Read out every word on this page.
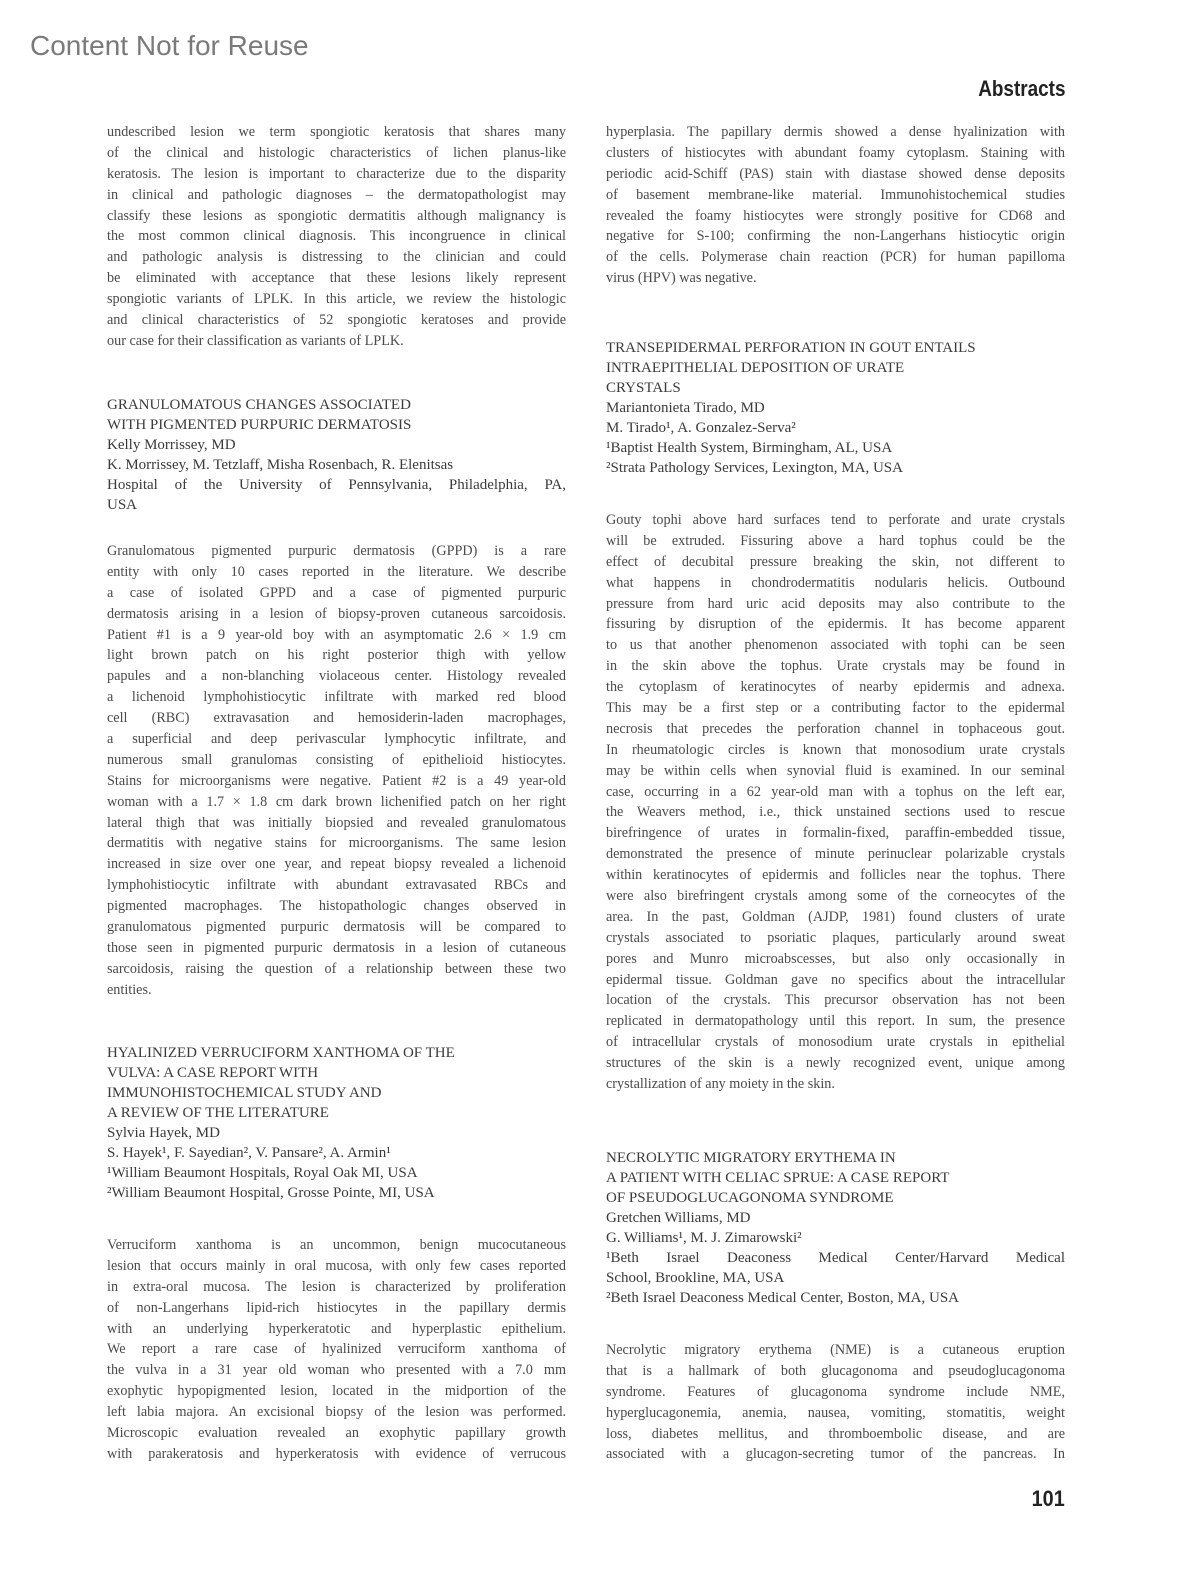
Content Not for Reuse
Abstracts
undescribed lesion we term spongiotic keratosis that shares many
of the clinical and histologic characteristics of lichen planus-like
keratosis. The lesion is important to characterize due to the disparity
in clinical and pathologic diagnoses – the dermatopathologist may
classify these lesions as spongiotic dermatitis although malignancy is
the most common clinical diagnosis. This incongruence in clinical
and pathologic analysis is distressing to the clinician and could
be eliminated with acceptance that these lesions likely represent
spongiotic variants of LPLK. In this article, we review the histologic
and clinical characteristics of 52 spongiotic keratoses and provide
our case for their classification as variants of LPLK.
GRANULOMATOUS CHANGES ASSOCIATED
WITH PIGMENTED PURPURIC DERMATOSIS
Kelly Morrissey, MD
K. Morrissey, M. Tetzlaff, Misha Rosenbach, R. Elenitsas
Hospital of the University of Pennsylvania, Philadelphia, PA,
USA
Granulomatous pigmented purpuric dermatosis (GPPD) is a rare
entity with only 10 cases reported in the literature. We describe
a case of isolated GPPD and a case of pigmented purpuric
dermatosis arising in a lesion of biopsy-proven cutaneous sarcoidosis.
Patient #1 is a 9 year-old boy with an asymptomatic 2.6 × 1.9 cm
light brown patch on his right posterior thigh with yellow
papules and a non-blanching violaceous center. Histology revealed
a lichenoid lymphohistiocytic infiltrate with marked red blood
cell (RBC) extravasation and hemosiderin-laden macrophages,
a superficial and deep perivascular lymphocytic infiltrate, and
numerous small granulomas consisting of epithelioid histiocytes.
Stains for microorganisms were negative. Patient #2 is a 49 year-old
woman with a 1.7 × 1.8 cm dark brown lichenified patch on her right
lateral thigh that was initially biopsied and revealed granulomatous
dermatitis with negative stains for microorganisms. The same lesion
increased in size over one year, and repeat biopsy revealed a lichenoid
lymphohistiocytic infiltrate with abundant extravasated RBCs and
pigmented macrophages. The histopathologic changes observed in
granulomatous pigmented purpuric dermatosis will be compared to
those seen in pigmented purpuric dermatosis in a lesion of cutaneous
sarcoidosis, raising the question of a relationship between these two
entities.
HYALINIZED VERRUCIFORM XANTHOMA OF THE
VULVA: A CASE REPORT WITH
IMMUNOHISTOCHEMICAL STUDY AND
A REVIEW OF THE LITERATURE
Sylvia Hayek, MD
S. Hayek¹, F. Sayedian², V. Pansare², A. Armin¹
¹William Beaumont Hospitals, Royal Oak MI, USA
²William Beaumont Hospital, Grosse Pointe, MI, USA
Verruciform xanthoma is an uncommon, benign mucocutaneous
lesion that occurs mainly in oral mucosa, with only few cases reported
in extra-oral mucosa. The lesion is characterized by proliferation
of non-Langerhans lipid-rich histiocytes in the papillary dermis
with an underlying hyperkeratotic and hyperplastic epithelium.
We report a rare case of hyalinized verruciform xanthoma of
the vulva in a 31 year old woman who presented with a 7.0 mm
exophytic hypopigmented lesion, located in the midportion of the
left labia majora. An excisional biopsy of the lesion was performed.
Microscopic evaluation revealed an exophytic papillary growth
with parakeratosis and hyperkeratosis with evidence of verrucous
hyperplasia. The papillary dermis showed a dense hyalinization with
clusters of histiocytes with abundant foamy cytoplasm. Staining with
periodic acid-Schiff (PAS) stain with diastase showed dense deposits
of basement membrane-like material. Immunohistochemical studies
revealed the foamy histiocytes were strongly positive for CD68 and
negative for S-100; confirming the non-Langerhans histiocytic origin
of the cells. Polymerase chain reaction (PCR) for human papilloma
virus (HPV) was negative.
TRANSEPIDERMAL PERFORATION IN GOUT ENTAILS
INTRAEPITHELIAL DEPOSITION OF URATE
CRYSTALS
Mariantonieta Tirado, MD
M. Tirado¹, A. Gonzalez-Serva²
¹Baptist Health System, Birmingham, AL, USA
²Strata Pathology Services, Lexington, MA, USA
Gouty tophi above hard surfaces tend to perforate and urate crystals
will be extruded. Fissuring above a hard tophus could be the
effect of decubital pressure breaking the skin, not different to
what happens in chondrodermatitis nodularis helicis. Outbound
pressure from hard uric acid deposits may also contribute to the
fissuring by disruption of the epidermis. It has become apparent
to us that another phenomenon associated with tophi can be seen
in the skin above the tophus. Urate crystals may be found in
the cytoplasm of keratinocytes of nearby epidermis and adnexa.
This may be a first step or a contributing factor to the epidermal
necrosis that precedes the perforation channel in tophaceous gout.
In rheumatologic circles is known that monosodium urate crystals
may be within cells when synovial fluid is examined. In our seminal
case, occurring in a 62 year-old man with a tophus on the left ear,
the Weavers method, i.e., thick unstained sections used to rescue
birefringence of urates in formalin-fixed, paraffin-embedded tissue,
demonstrated the presence of minute perinuclear polarizable crystals
within keratinocytes of epidermis and follicles near the tophus. There
were also birefringent crystals among some of the corneocytes of the
area. In the past, Goldman (AJDP, 1981) found clusters of urate
crystals associated to psoriatic plaques, particularly around sweat
pores and Munro microabscesses, but also only occasionally in
epidermal tissue. Goldman gave no specifics about the intracellular
location of the crystals. This precursor observation has not been
replicated in dermatopathology until this report. In sum, the presence
of intracellular crystals of monosodium urate crystals in epithelial
structures of the skin is a newly recognized event, unique among
crystallization of any moiety in the skin.
NECROLYTIC MIGRATORY ERYTHEMA IN
A PATIENT WITH CELIAC SPRUE: A CASE REPORT
OF PSEUDOGLUCAGONOMA SYNDROME
Gretchen Williams, MD
G. Williams¹, M. J. Zimarowski²
¹Beth Israel Deaconess Medical Center/Harvard Medical
School, Brookline, MA, USA
²Beth Israel Deaconess Medical Center, Boston, MA, USA
Necrolytic migratory erythema (NME) is a cutaneous eruption
that is a hallmark of both glucagonoma and pseudoglucagonoma
syndrome. Features of glucagonoma syndrome include NME,
hyperglucagonemia, anemia, nausea, vomiting, stomatitis, weight
loss, diabetes mellitus, and thromboembolic disease, and are
associated with a glucagon-secreting tumor of the pancreas. In
101
